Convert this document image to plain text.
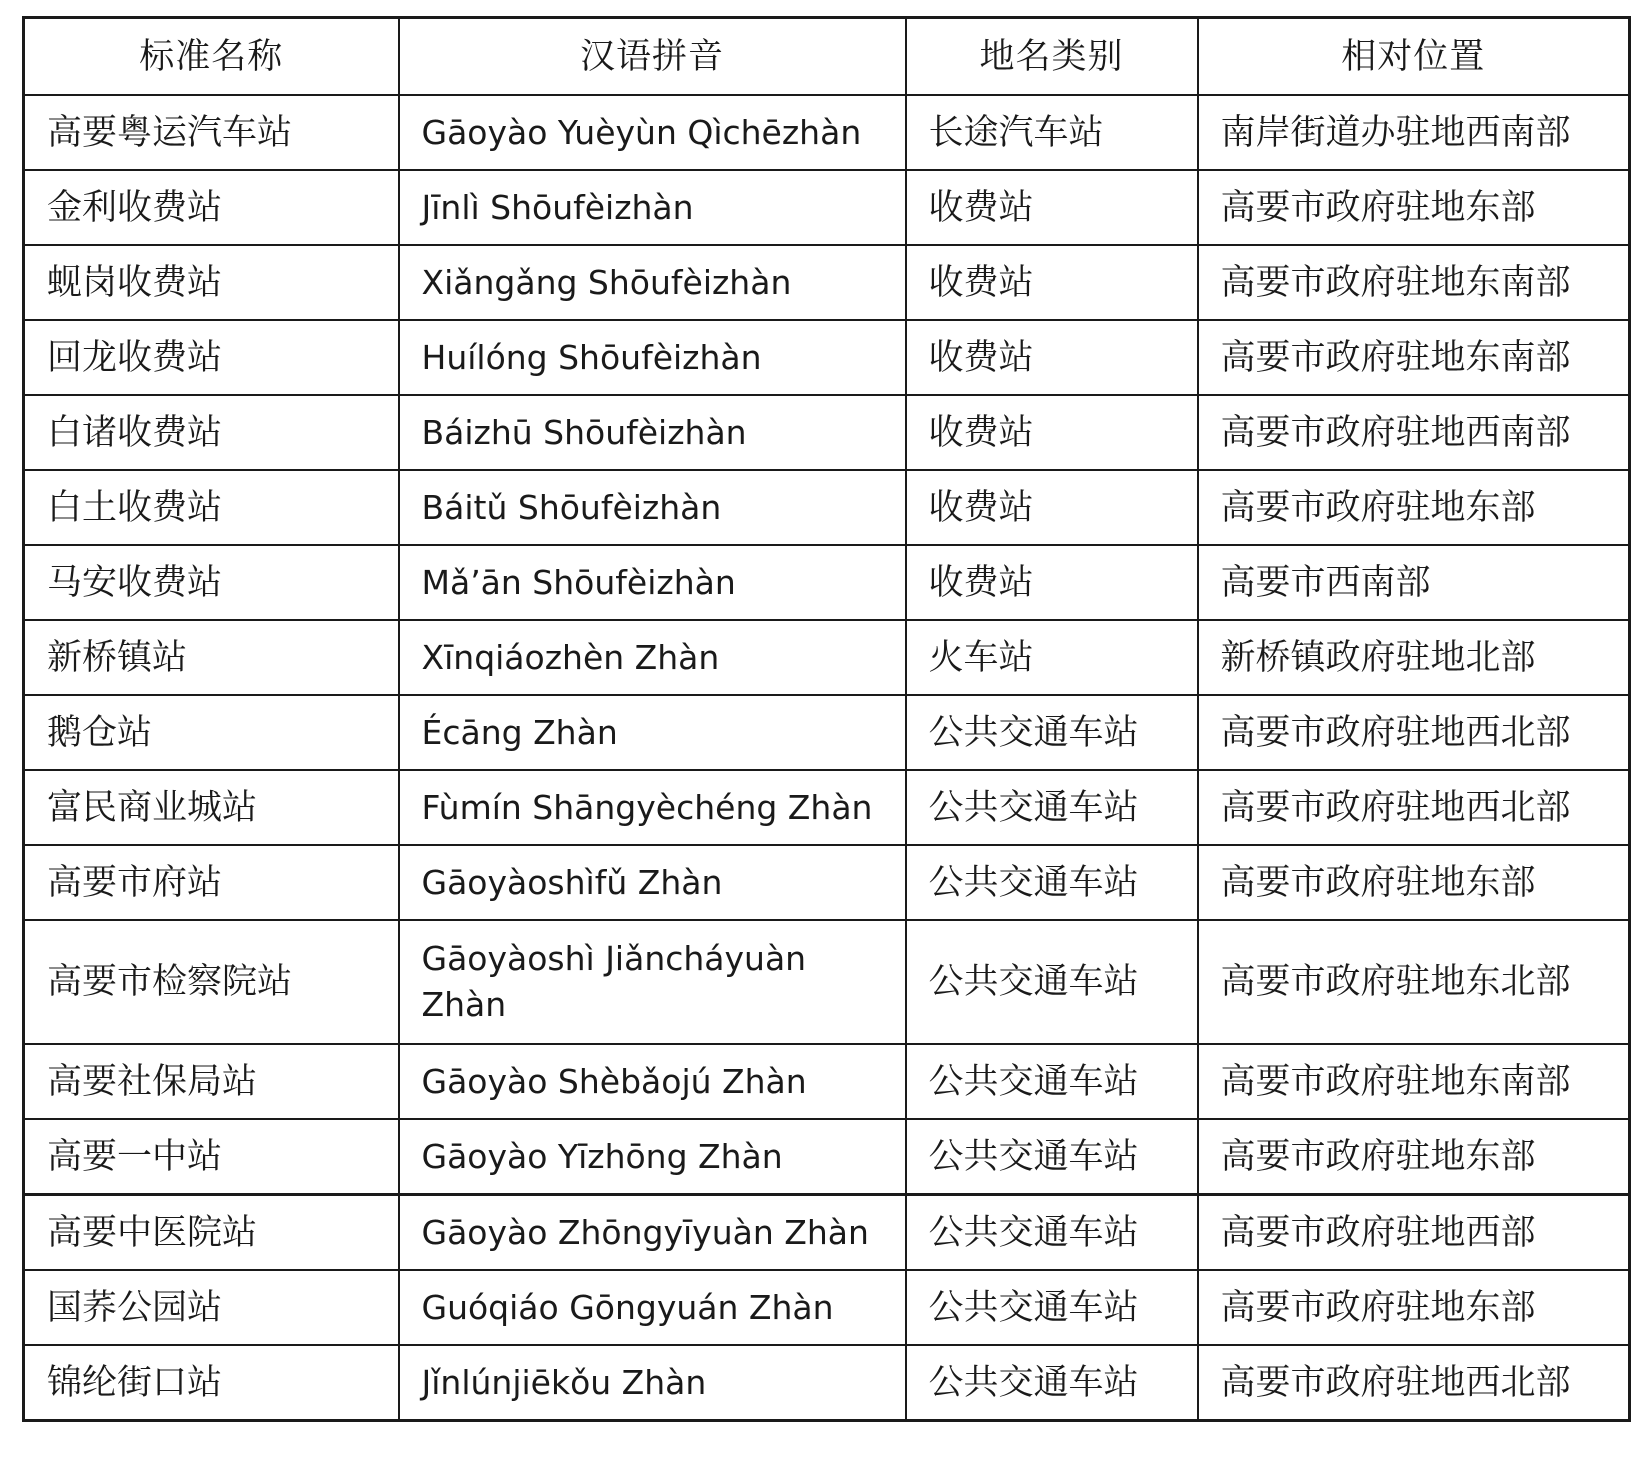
标准名称	汉语拼音	地名类别	相对位置
高要粤运汽车站	Gāoyào Yuèyùn Qìchēzhàn	长途汽车站	南岸街道办驻地西南部
金利收费站	Jīnlì Shōufèizhàn	收费站	高要市政府驻地东部
蚬岗收费站	Xiǎngǎng Shōufèizhàn	收费站	高要市政府驻地东南部
回龙收费站	Huílóng Shōufèizhàn	收费站	高要市政府驻地东南部
白诸收费站	Báizhū Shōufèizhàn	收费站	高要市政府驻地西南部
白土收费站	Báitǔ Shōufèizhàn	收费站	高要市政府驻地东部
马安收费站	Mǎ’ān Shōufèizhàn	收费站	高要市西南部
新桥镇站	Xīnqiáozhèn Zhàn	火车站	新桥镇政府驻地北部
鹅仓站	Écāng Zhàn	公共交通车站	高要市政府驻地西北部
富民商业城站	Fùmín Shāngyèchéng Zhàn	公共交通车站	高要市政府驻地西北部
高要市府站	Gāoyàoshìfǔ Zhàn	公共交通车站	高要市政府驻地东部
高要市检察院站	Gāoyàoshì Jiǎncháyuàn Zhàn	公共交通车站	高要市政府驻地东北部
高要社保局站	Gāoyào Shèbǎojú Zhàn	公共交通车站	高要市政府驻地东南部
高要一中站	Gāoyào Yīzhōng Zhàn	公共交通车站	高要市政府驻地东部
高要中医院站	Gāoyào Zhōngyīyuàn Zhàn	公共交通车站	高要市政府驻地西部
国荞公园站	Guóqiáo Gōngyuán Zhàn	公共交通车站	高要市政府驻地东部
锦纶街口站	Jǐnlúnjiēkǒu Zhàn	公共交通车站	高要市政府驻地西北部
